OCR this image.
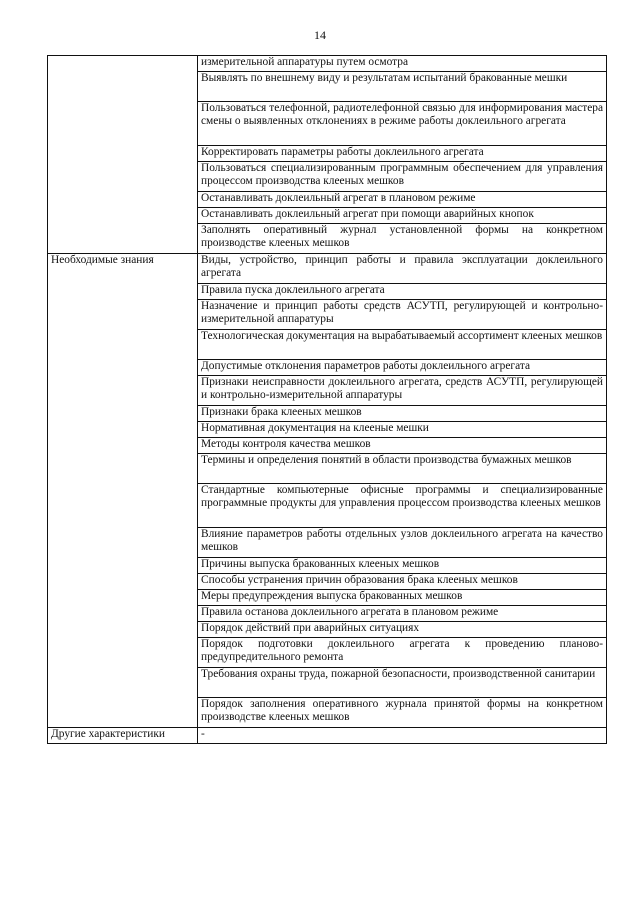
14
	измерительной аппаратуры путем осмотра
	Выявлять по внешнему виду и результатам испытаний бракованные мешки
	Пользоваться телефонной, радиотелефонной связью для информирования мастера смены о выявленных отклонениях в режиме работы доклеильного агрегата
	Корректировать параметры работы доклеильного агрегата
	Пользоваться специализированным программным обеспечением для управления процессом производства клееных мешков
	Останавливать доклеильный агрегат в плановом режиме
	Останавливать доклеильный агрегат при помощи аварийных кнопок
	Заполнять оперативный журнал установленной формы на конкретном производстве клееных мешков
Необходимые знания	Виды, устройство, принцип работы и правила эксплуатации доклеильного агрегата
	Правила пуска доклеильного агрегата
	Назначение и принцип работы средств АСУТП, регулирующей и контрольно-измерительной аппаратуры
	Технологическая документация на вырабатываемый ассортимент клееных мешков
	Допустимые отклонения параметров работы доклеильного агрегата
	Признаки неисправности доклеильного агрегата, средств АСУТП, регулирующей и контрольно-измерительной аппаратуры
	Признаки брака клееных мешков
	Нормативная документация на клееные мешки
	Методы контроля качества мешков
	Термины и определения понятий в области производства бумажных мешков
	Стандартные компьютерные офисные программы и специализированные программные продукты для управления процессом производства клееных мешков
	Влияние параметров работы отдельных узлов доклеильного агрегата на качество мешков
	Причины выпуска бракованных клееных мешков
	Способы устранения причин образования брака клееных мешков
	Меры предупреждения выпуска бракованных мешков
	Правила останова доклеильного агрегата в плановом режиме
	Порядок действий при аварийных ситуациях
	Порядок подготовки доклеильного агрегата к проведению планово-предупредительного ремонта
	Требования охраны труда, пожарной безопасности, производственной санитарии
	Порядок заполнения оперативного журнала принятой формы на конкретном производстве клееных мешков
Другие характеристики	-
